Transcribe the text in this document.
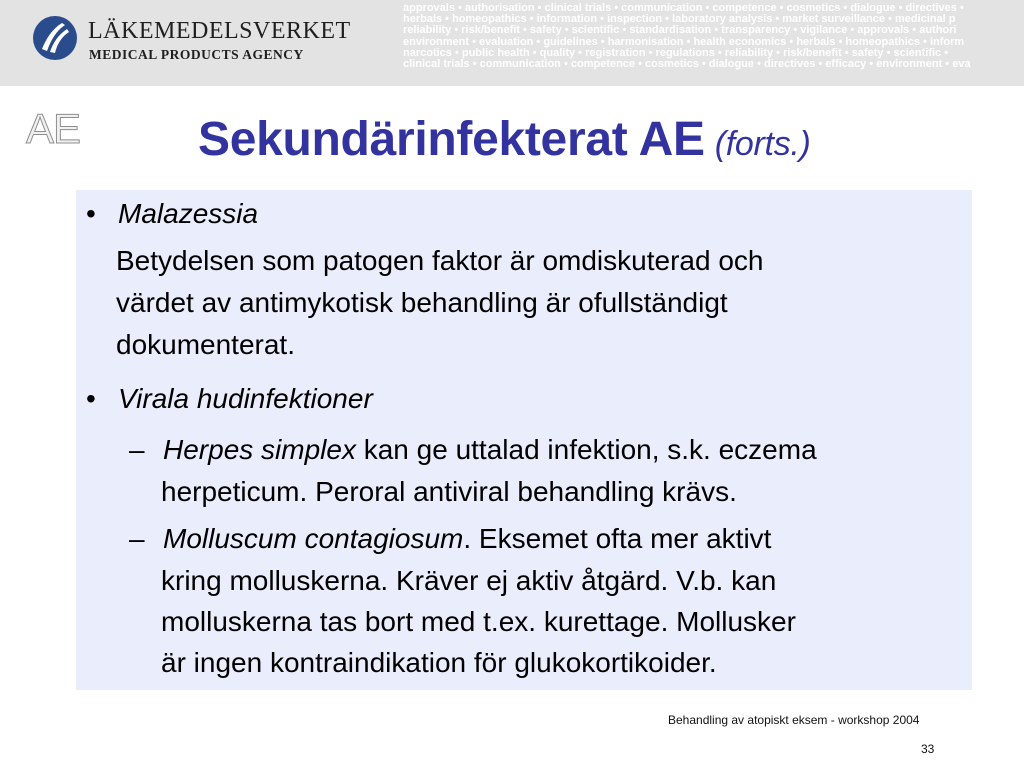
LÄKEMEDELSVERKET
MEDICAL PRODUCTS AGENCY
approvals • authorisation • clinical trials • communication • competence • cosmetics • dialogue • directives •
herbals • homeopathics • information • inspection • laboratory analysis • market surveillance • medicinal p
reliability • risk/benefit • safety • scientific • standardisation • transparency • vigilance • approvals • authori
environment • evaluation • guidelines • harmonisation • health economics • herbals • homeopathics • inform
narcotics • public health • quality • registration • regulations • reliability • risk/benefit • safety • scientific •
clinical trials • communication • competence • cosmetics • dialogue • directives • efficacy • environment • eva
AE Sekundärinfekterat AE (forts.)
• Malazessia
Betydelsen som patogen faktor är omdiskuterad och
värdet av antimykotisk behandling är ofullständigt
dokumenterat.
• Virala hudinfektioner
– Herpes simplex kan ge uttalad infektion, s.k. eczema
herpeticum. Peroral antiviral behandling krävs.
– Molluscum contagiosum. Eksemet ofta mer aktivt
kring molluskerna. Kräver ej aktiv åtgärd. V.b. kan
molluskerna tas bort med t.ex. kurettage. Mollusker
är ingen kontraindikation för glukokortikoider.
Behandling av atopiskt eksem - workshop 2004
33
